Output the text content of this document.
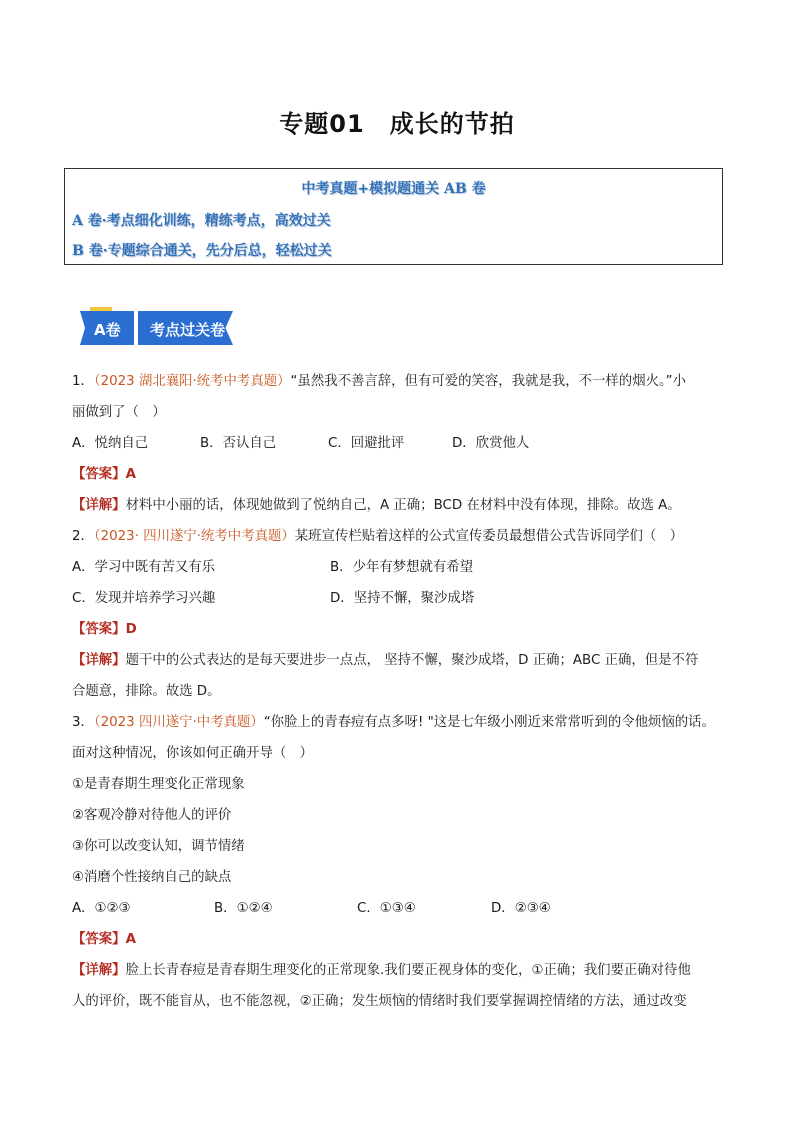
专题01　成长的节拍
中考真题+模拟题通关 AB 卷
A 卷·考点细化训练，精练考点，高效过关
B 卷·专题综合通关，先分后总，轻松过关
A卷 考点过关卷
1．（2023 湖北襄阳·统考中考真题）“虽然我不善言辞，但有可爱的笑容，我就是我，不一样的烟火。”小
丽做到了（　）
A．悦纳自己	B．否认自己	C．回避批评	D．欣赏他人
【答案】A
【详解】材料中小丽的话，体现她做到了悦纳自己，A 正确；BCD 在材料中没有体现，排除。故选 A。
2．（2023· 四川遂宁·统考中考真题）某班宣传栏贴着这样的公式宣传委员最想借公式告诉同学们（　）
A．学习中既有苦又有乐	B．少年有梦想就有希望
C．发现并培养学习兴趣	D．坚持不懈，聚沙成塔
【答案】D
【详解】题干中的公式表达的是每天要进步一点点， 坚持不懈，聚沙成塔，D 正确；ABC 正确，但是不符
合题意，排除。故选 D。
3．（2023 四川遂宁·中考真题）“你脸上的青春痘有点多呀! "这是七年级小刚近来常常听到的令他烦恼的话。
面对这种情况，你该如何正确开导（　）
①是青春期生理变化正常现象
②客观冷静对待他人的评价
③你可以改变认知，调节情绪
④消磨个性接纳自己的缺点
A．①②③	B．①②④	C．①③④	D．②③④
【答案】A
【详解】脸上长青春痘是青春期生理变化的正常现象.我们要正视身体的变化，①正确；我们要正确对待他
人的评价，既不能盲从，也不能忽视，②正确；发生烦恼的情绪时我们要掌握调控情绪的方法，通过改变
